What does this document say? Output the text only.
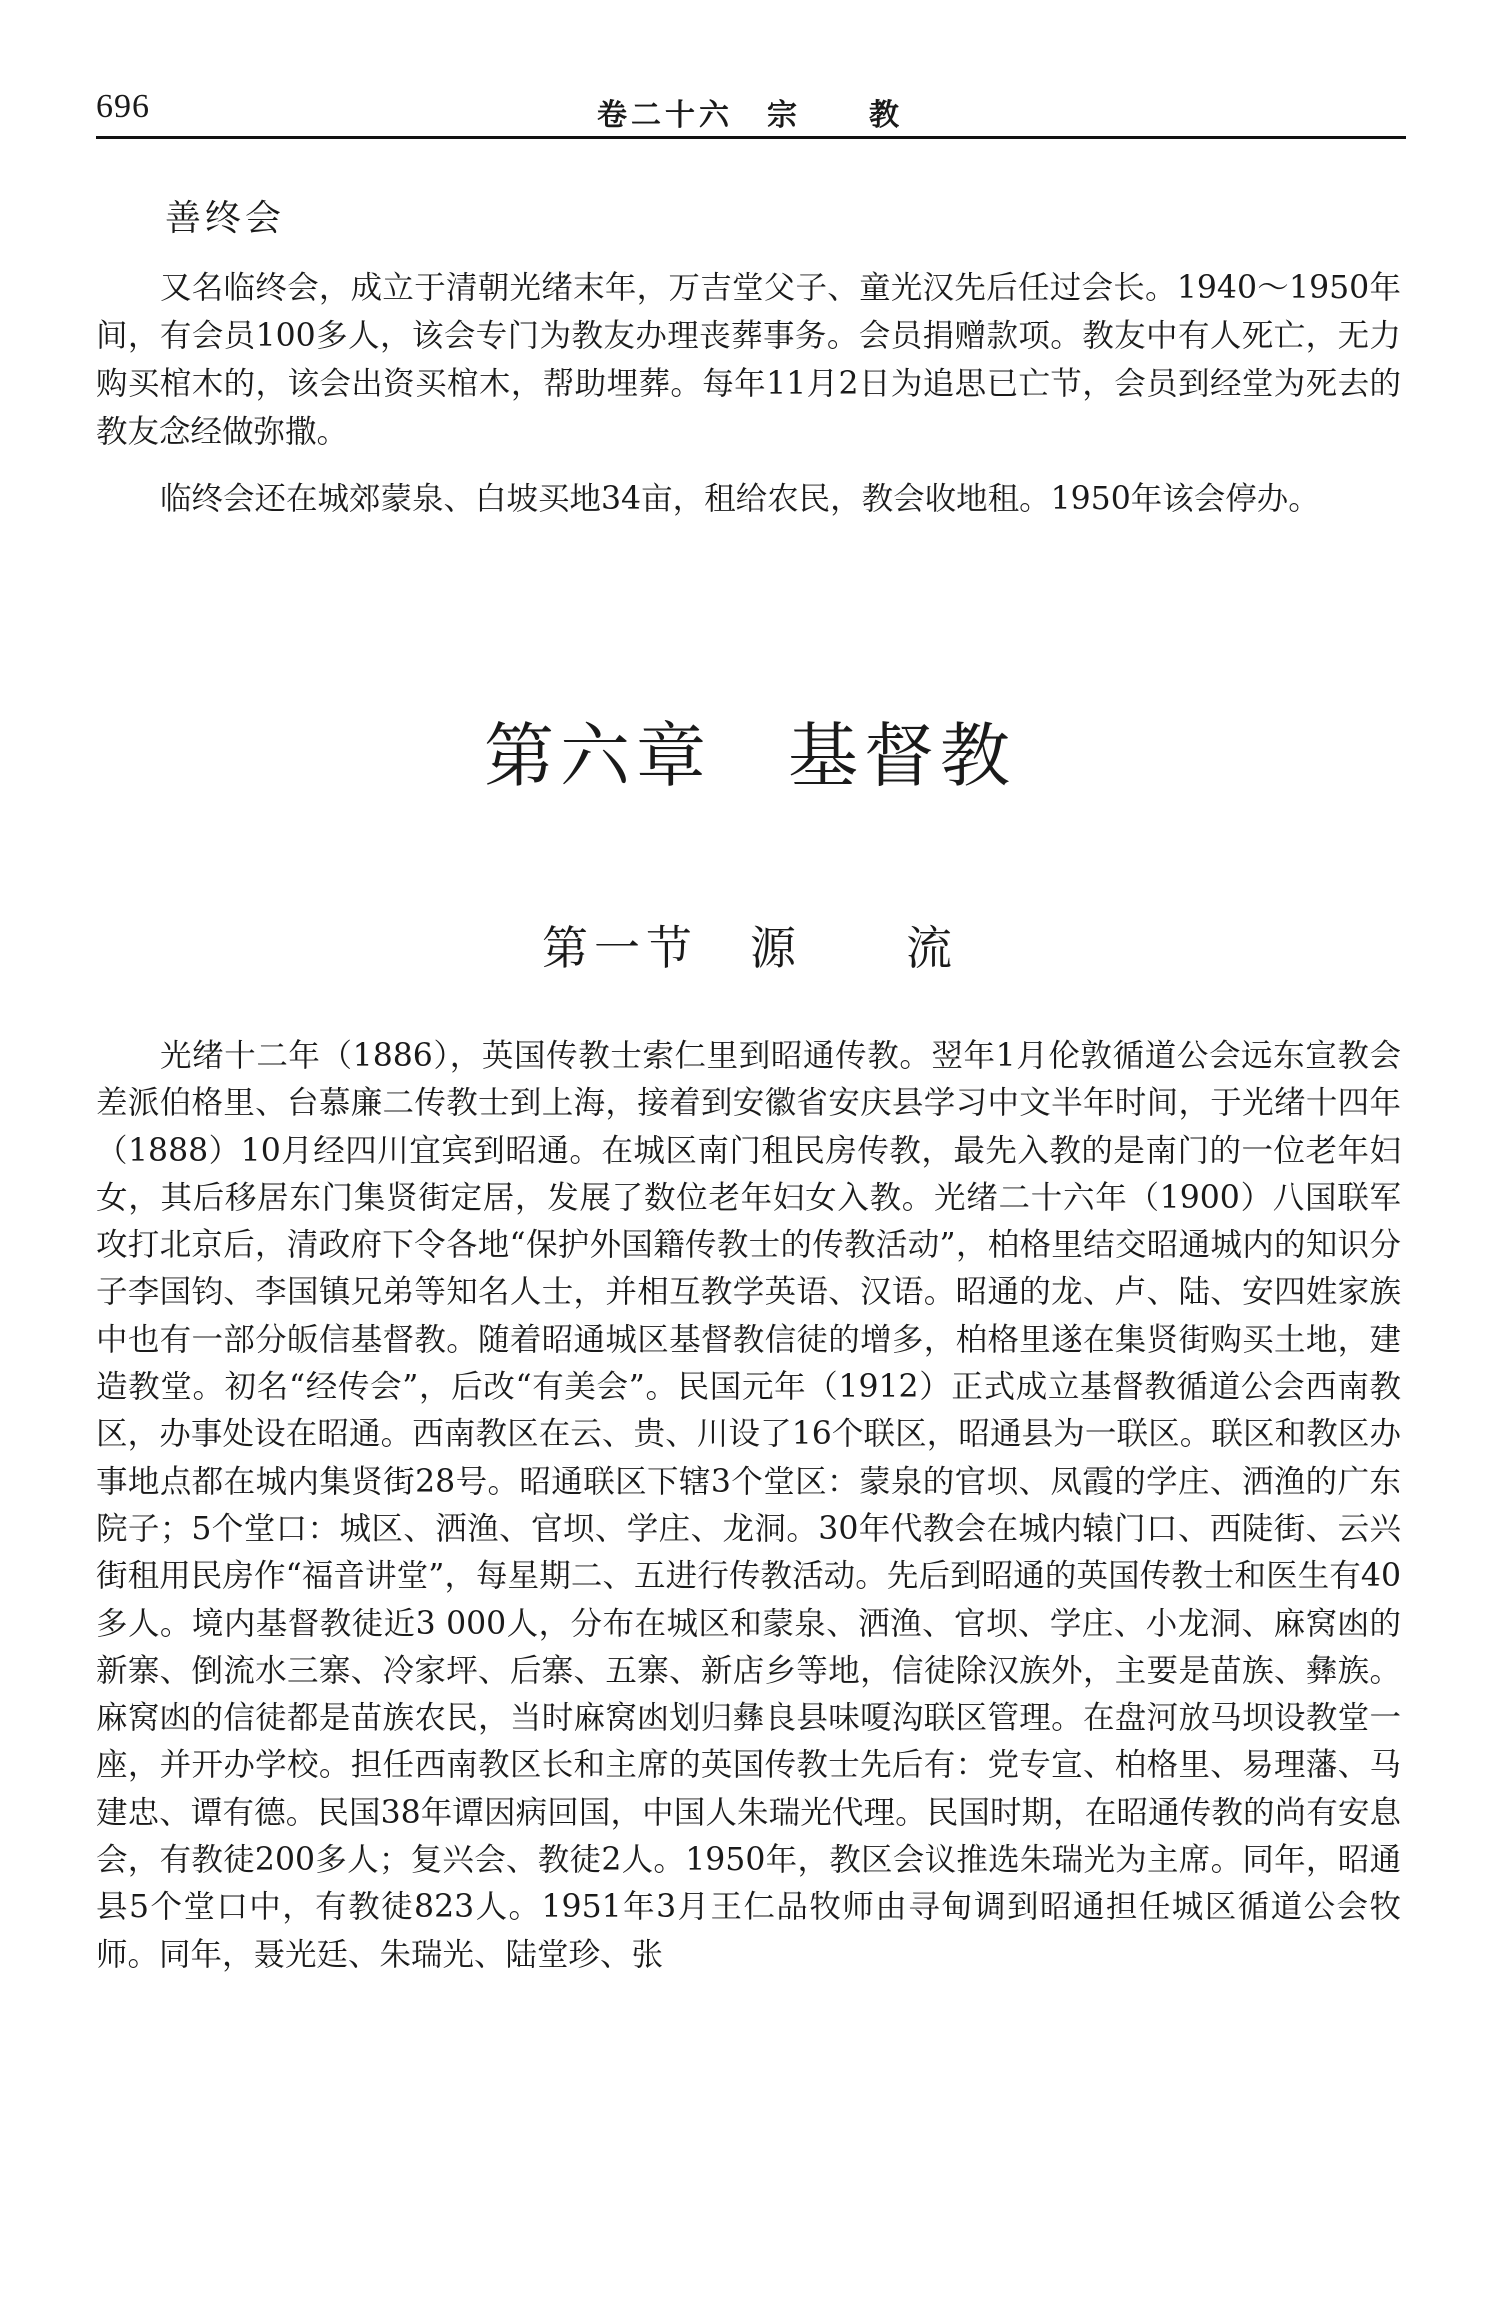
696	卷二十六　宗　　教
善终会

又名临终会，成立于清朝光绪末年，万吉堂父子、童光汉先后任过会长。1940～1950年间，有会员100多人，该会专门为教友办理丧葬事务。会员捐赠款项。教友中有人死亡，无力购买棺木的，该会出资买棺木，帮助埋葬。每年11月2日为追思已亡节，会员到经堂为死去的教友念经做弥撒。

临终会还在城郊蒙泉、白坡买地34亩，租给农民，教会收地租。1950年该会停办。

第六章　基督教
第一节　源　　流

光绪十二年（1886），英国传教士索仁里到昭通传教。翌年1月伦敦循道公会远东宣教会差派伯格里、台慕廉二传教士到上海，接着到安徽省安庆县学习中文半年时间，于光绪十四年（1888）10月经四川宜宾到昭通。在城区南门租民房传教，最先入教的是南门的一位老年妇女，其后移居东门集贤街定居，发展了数位老年妇女入教。光绪二十六年（1900）八国联军攻打北京后，清政府下令各地“保护外国籍传教士的传教活动”，柏格里结交昭通城内的知识分子李国钧、李国镇兄弟等知名人士，并相互教学英语、汉语。昭通的龙、卢、陆、安四姓家族中也有一部分皈信基督教。随着昭通城区基督教信徒的增多，柏格里遂在集贤街购买土地，建造教堂。初名“经传会”，后改“有美会”。民国元年（1912）正式成立基督教循道公会西南教区，办事处设在昭通。西南教区在云、贵、川设了16个联区，昭通县为一联区。联区和教区办事地点都在城内集贤街28号。昭通联区下辖3个堂区：蒙泉的官坝、凤霞的学庄、洒渔的广东院子；5个堂口：城区、洒渔、官坝、学庄、龙洞。30年代教会在城内辕门口、西陡街、云兴街租用民房作“福音讲堂”，每星期二、五进行传教活动。先后到昭通的英国传教士和医生有40多人。境内基督教徒近3 000人，分布在城区和蒙泉、洒渔、官坝、学庄、小龙洞、麻窝凼的新寨、倒流水三寨、冷家坪、后寨、五寨、新店乡等地，信徒除汉族外，主要是苗族、彝族。麻窝凼的信徒都是苗族农民，当时麻窝凼划归彝良县味嗄沟联区管理。在盘河放马坝设教堂一座，并开办学校。担任西南教区长和主席的英国传教士先后有：党专宣、柏格里、易理藩、马建忠、谭有德。民国38年谭因病回国，中国人朱瑞光代理。民国时期，在昭通传教的尚有安息会，有教徒200多人；复兴会、教徒2人。1950年，教区会议推选朱瑞光为主席。同年，昭通县5个堂口中，有教徒823人。1951年3月王仁品牧师由寻甸调到昭通担任城区循道公会牧师。同年，聂光廷、朱瑞光、陆堂珍、张
